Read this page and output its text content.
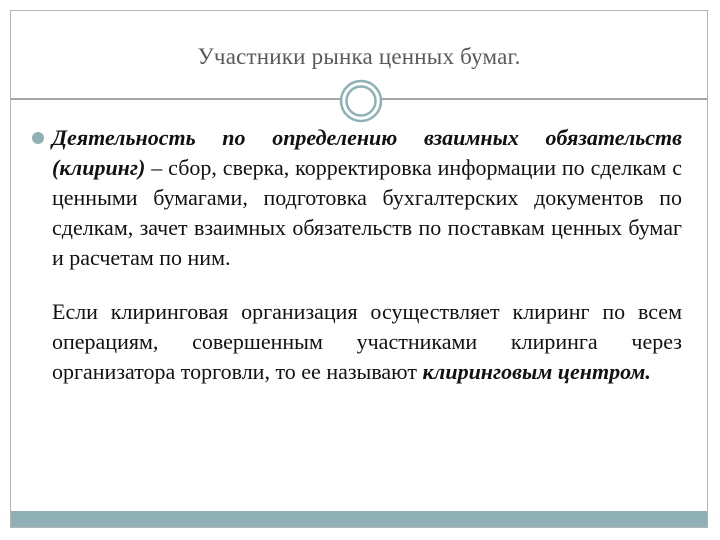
Участники рынка ценных бумаг.

Деятельность по определению взаимных обязательств (клиринг) – сбор, сверка, корректировка информации по сделкам с ценными бумагами, подготовка бухгалтерских документов по сделкам, зачет взаимных обязательств по поставкам ценных бумаг и расчетам по ним.

Если клиринговая организация осуществляет клиринг по всем операциям, совершенным участниками клиринга через организатора торговли, то ее называют клиринговым центром.
